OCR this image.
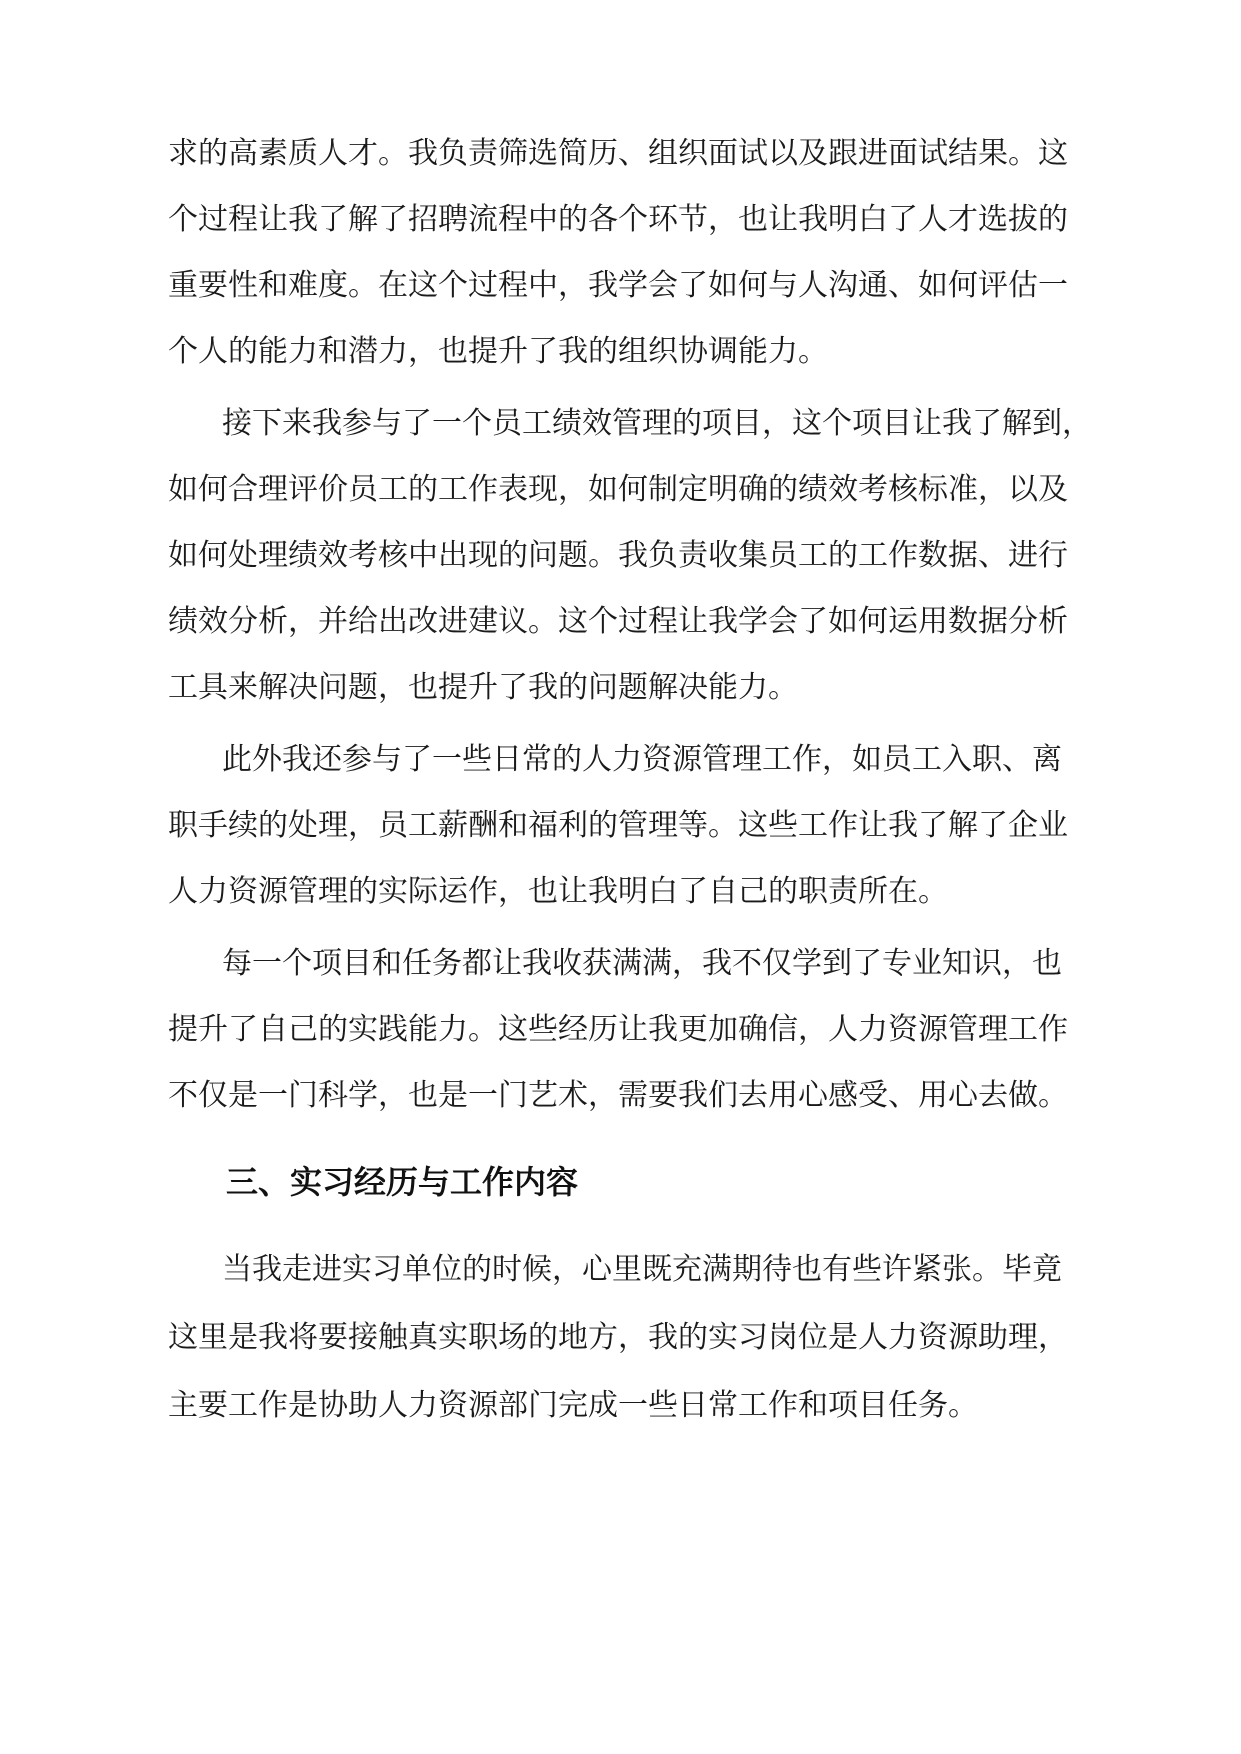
求的高素质人才。我负责筛选简历、组织面试以及跟进面试结果。这

个过程让我了解了招聘流程中的各个环节，也让我明白了人才选拔的

重要性和难度。在这个过程中，我学会了如何与人沟通、如何评估一

个人的能力和潜力，也提升了我的组织协调能力。

接下来我参与了一个员工绩效管理的项目，这个项目让我了解到，

如何合理评价员工的工作表现，如何制定明确的绩效考核标准，以及

如何处理绩效考核中出现的问题。我负责收集员工的工作数据、进行

绩效分析，并给出改进建议。这个过程让我学会了如何运用数据分析

工具来解决问题，也提升了我的问题解决能力。

此外我还参与了一些日常的人力资源管理工作，如员工入职、离

职手续的处理，员工薪酬和福利的管理等。这些工作让我了解了企业

人力资源管理的实际运作，也让我明白了自己的职责所在。

每一个项目和任务都让我收获满满，我不仅学到了专业知识，也

提升了自己的实践能力。这些经历让我更加确信，人力资源管理工作

不仅是一门科学，也是一门艺术，需要我们去用心感受、用心去做。

三、实习经历与工作内容

当我走进实习单位的时候，心里既充满期待也有些许紧张。毕竟

这里是我将要接触真实职场的地方，我的实习岗位是人力资源助理，

主要工作是协助人力资源部门完成一些日常工作和项目任务。
